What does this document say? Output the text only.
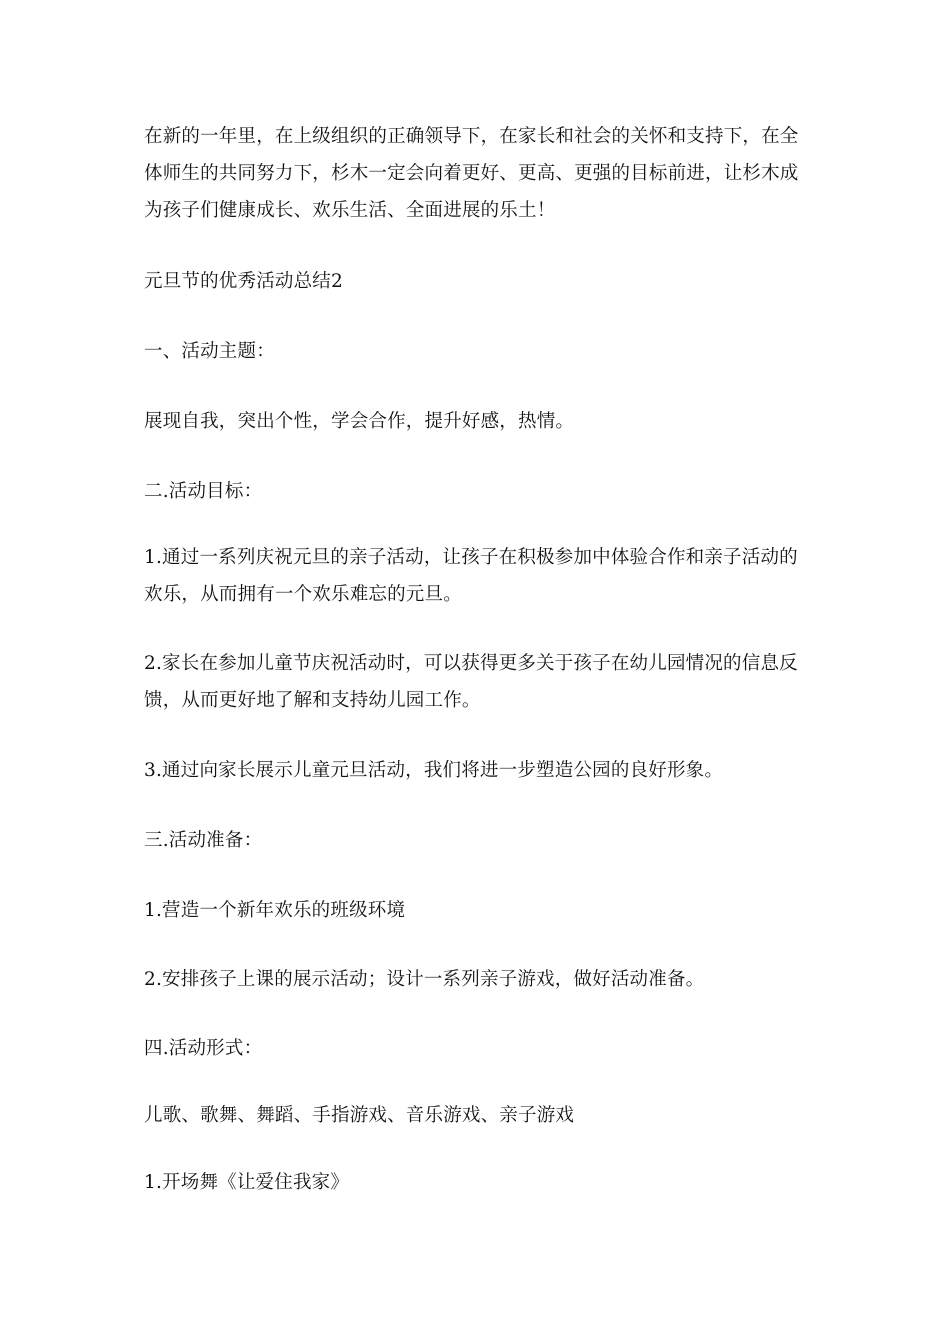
在新的一年里，在上级组织的正确领导下，在家长和社会的关怀和支持下，在全体师生的共同努力下，杉木一定会向着更好、更高、更强的目标前进，让杉木成为孩子们健康成长、欢乐生活、全面进展的乐土！

元旦节的优秀活动总结2

一、活动主题：

展现自我，突出个性，学会合作，提升好感，热情。

二.活动目标：

1.通过一系列庆祝元旦的亲子活动，让孩子在积极参加中体验合作和亲子活动的欢乐，从而拥有一个欢乐难忘的元旦。

2.家长在参加儿童节庆祝活动时，可以获得更多关于孩子在幼儿园情况的信息反馈，从而更好地了解和支持幼儿园工作。

3.通过向家长展示儿童元旦活动，我们将进一步塑造公园的良好形象。

三.活动准备：

1.营造一个新年欢乐的班级环境

2.安排孩子上课的展示活动；设计一系列亲子游戏，做好活动准备。

四.活动形式：

儿歌、歌舞、舞蹈、手指游戏、音乐游戏、亲子游戏

1.开场舞《让爱住我家》
